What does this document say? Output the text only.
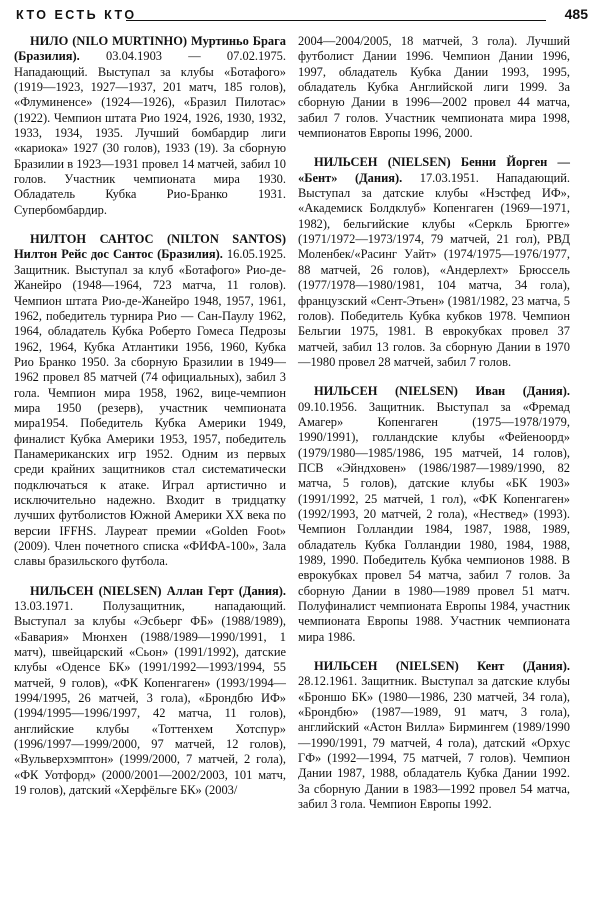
КТО ЕСТЬ КТО	485

НИЛО (NILO MURTINHO) Муртиньо Брага (Бразилия). 03.04.1903 — 07.02.1975. Нападающий. Выступал за клубы «Ботафого» (1919—1923, 1927—1937, 201 матч, 185 голов), «Флуминенсе» (1924—1926), «Бразил Пилотас» (1922). Чемпион штата Рио 1924, 1926, 1930, 1932, 1933, 1934, 1935. Лучший бомбардир лиги «кариока» 1927 (30 голов), 1933 (19). За сборную Бразилии в 1923—1931 провел 14 матчей, забил 10 голов. Участник чемпионата мира 1930. Обладатель Кубка Рио-Бранко 1931. Супербомбардир.

НИЛТОН САНТОС (NILTON SANTOS) Нилтон Рейс дос Сантос (Бразилия). 16.05.1925. Защитник. Выступал за клуб «Ботафого» Рио-де-Жанейро (1948—1964, 723 матча, 11 голов). Чемпион штата Рио-де-Жанейро 1948, 1957, 1961, 1962, победитель турнира Рио — Сан-Паулу 1962, 1964, обладатель Кубка Роберто Гомеса Педрозы 1962, 1964, Кубка Атлантики 1956, 1960, Кубка Рио Бранко 1950. За сборную Бразилии в 1949—1962 провел 85 матчей (74 официальных), забил 3 гола. Чемпион мира 1958, 1962, вице-чемпион мира 1950 (резерв), участник чемпионата мира1954. Победитель Кубка Америки 1949, финалист Кубка Америки 1953, 1957, победитель Панамериканских игр 1952. Одним из первых среди крайних защитников стал систематически подключаться к атаке. Играл артистично и исключительно надежно. Входит в тридцатку лучших футболистов Южной Америки XX века по версии IFFHS. Лауреат премии «Golden Foot» (2009). Член почетного списка «ФИФА-100», Зала славы бразильского футбола.

НИЛЬСЕН (NIELSEN) Аллан Герт (Дания). 13.03.1971. Полузащитник, нападающий. Выступал за клубы «Эсбьерг ФБ» (1988/1989), «Бавария» Мюнхен (1988/1989—1990/1991, 1 матч), швейцарский «Сьон» (1991/1992), датские клубы «Оденсе БК» (1991/1992—1993/1994, 55 матчей, 9 голов), «ФК Копенгаген» (1993/1994—1994/1995, 26 матчей, 3 гола), «Брондбю ИФ» (1994/1995—1996/1997, 42 матча, 11 голов), английские клубы «Тоттенхем Хотспур» (1996/1997—1999/2000, 97 матчей, 12 голов), «Вульверхэмптон» (1999/2000, 7 матчей, 2 гола), «ФК Уотфорд» (2000/2001—2002/2003, 101 матч, 19 голов), датский «Херфёльге БК» (2003/

2004—2004/2005, 18 матчей, 3 гола). Лучший футболист Дании 1996. Чемпион Дании 1996, 1997, обладатель Кубка Дании 1993, 1995, обладатель Кубка Английской лиги 1999. За сборную Дании в 1996—2002 провел 44 матча, забил 7 голов. Участник чемпионата мира 1998, чемпионатов Европы 1996, 2000.

НИЛЬСЕН (NIELSEN) Бенни Йорген — «Бент» (Дания). 17.03.1951. Нападающий. Выступал за датские клубы «Нэстфед ИФ», «Академиск Болдклуб» Копенгаген (1969—1971, 1982), бельгийские клубы «Серкль Брюгге» (1971/1972—1973/1974, 79 матчей, 21 гол), РВД Моленбек/«Расинг Уайт» (1974/1975—1976/1977, 88 матчей, 26 голов), «Андерлехт» Брюссель (1977/1978—1980/1981, 104 матча, 34 гола), французский «Сент-Этьен» (1981/1982, 23 матча, 5 голов). Победитель Кубка кубков 1978. Чемпион Бельгии 1975, 1981. В еврокубках провел 37 матчей, забил 13 голов. За сборную Дании в 1970—1980 провел 28 матчей, забил 7 голов.

НИЛЬСЕН (NIELSEN) Иван (Дания). 09.10.1956. Защитник. Выступал за «Фремад Амагер» Копенгаген (1975—1978/1979, 1990/1991), голландские клубы «Фейеноорд» (1979/1980—1985/1986, 195 матчей, 14 голов), ПСВ «Эйндховен» (1986/1987—1989/1990, 82 матча, 5 голов), датские клубы «БК 1903» (1991/1992, 25 матчей, 1 гол), «ФК Копенгаген» (1992/1993, 20 матчей, 2 гола), «Нествед» (1993). Чемпион Голландии 1984, 1987, 1988, 1989, обладатель Кубка Голландии 1980, 1984, 1988, 1989, 1990. Победитель Кубка чемпионов 1988. В еврокубках провел 54 матча, забил 7 голов. За сборную Дании в 1980—1989 провел 51 матч. Полуфиналист чемпионата Европы 1984, участник чемпионата Европы 1988. Участник чемпионата мира 1986.

НИЛЬСЕН (NIELSEN) Кент (Дания). 28.12.1961. Защитник. Выступал за датские клубы «Броншо БК» (1980—1986, 230 матчей, 34 гола), «Брондбю» (1987—1989, 91 матч, 3 гола), английский «Астон Вилла» Бирмингем (1989/1990—1990/1991, 79 матчей, 4 гола), датский «Орхус ГФ» (1992—1994, 75 матчей, 7 голов). Чемпион Дании 1987, 1988, обладатель Кубка Дании 1992. За сборную Дании в 1983—1992 провел 54 матча, забил 3 гола. Чемпион Европы 1992.
